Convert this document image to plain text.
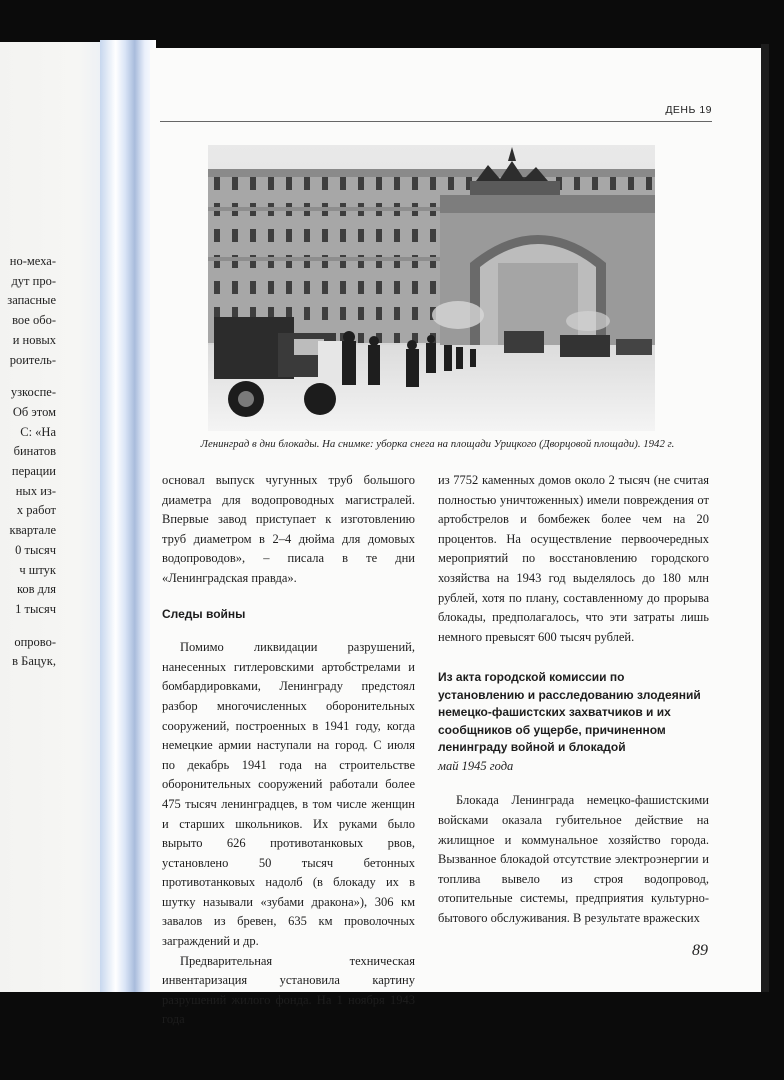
но-меха-
дут про-
запасные
вое обо-
и новых
роитель-
узкоспе-
Об этом
С: «На
бинатов
перации
ных из-
х работ
квартале
0 тысяч
ч штук
ков для
1 тысяч
опрово-
в Бацук,
ДЕНЬ 19
Ленинград в дни блокады. На снимке: уборка снега на площади Урицкого (Дворцовой площади). 1942 г.

основал выпуск чугунных труб большого диаметра для водопроводных магистралей. Впервые завод приступает к изготовлению труб диаметром в 2–4 дюйма для домовых водопроводов», – писала в те дни «Ленинградская правда».

Следы войны

Помимо ликвидации разрушений, нанесенных гитлеровскими артобстрелами и бомбардировками, Ленинграду предстоял разбор многочисленных оборонительных сооружений, построенных в 1941 году, когда немецкие армии наступали на город. С июля по декабрь 1941 года на строительстве оборонительных сооружений работали более 475 тысяч ленинградцев, в том числе женщин и старших школьников. Их руками было вырыто 626 противотанковых рвов, установлено 50 тысяч бетонных противотанковых надолб (в блокаду их в шутку называли «зубами дракона»), 306 км завалов из бревен, 635 км проволочных заграждений и др.

Предварительная техническая инвентаризация установила картину разрушений жилого фонда. На 1 ноября 1943 года

из 7752 каменных домов около 2 тысяч (не считая полностью уничтоженных) имели повреждения от артобстрелов и бомбежек более чем на 20 процентов. На осуществление первоочередных мероприятий по восстановлению городского хозяйства на 1943 год выделялось до 180 млн рублей, хотя по плану, составленному до прорыва блокады, предполагалось, что эти затраты лишь немного превысят 600 тысяч рублей.

Из акта городской комиссии по установлению и расследованию злодеяний немецко-фашистских захватчиков и их сообщников об ущербе, причиненном ленинграду войной и блокадой

май 1945 года

Блокада Ленинграда немецко-фашистскими войсками оказала губительное действие на жилищное и коммунальное хозяйство города. Вызванное блокадой отсутствие электроэнергии и топлива вывело из строя водопровод, отопительные системы, предприятия культурно-бытового обслуживания. В результате вражеских

89
